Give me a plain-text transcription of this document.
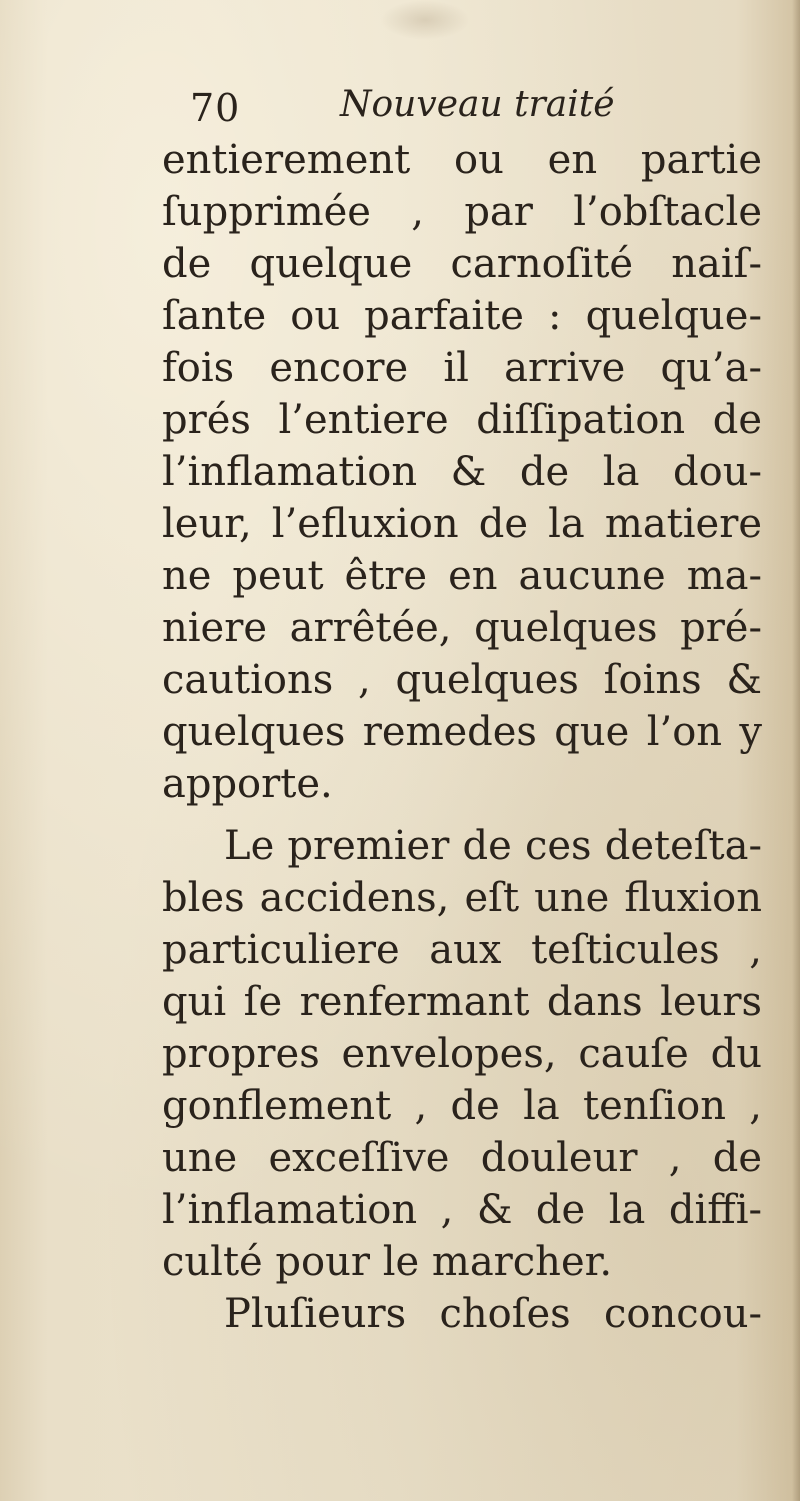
70	Nouveau traité
entierement ou en partie
ſupprimée , par l’obſtacle
de quelque carnoſité naiſ-
ſante ou parfaite : quelque-
fois encore il arrive qu’a-
prés l’entiere diſſipation de
l’inflamation & de la dou-
leur, l’efluxion de la matiere
ne peut être en aucune ma-
niere arrêtée, quelques pré-
cautions , quelques ſoins &
quelques remedes que l’on y
apporte.
Le premier de ces deteſta-
bles accidens, eſt une fluxion
particuliere aux teſticules ,
qui ſe renfermant dans leurs
propres envelopes, cauſe du
gonflement , de la tenſion ,
une exceſſive douleur , de
l’inflamation , & de la diffi-
culté pour le marcher.
Pluſieurs choſes concou-
